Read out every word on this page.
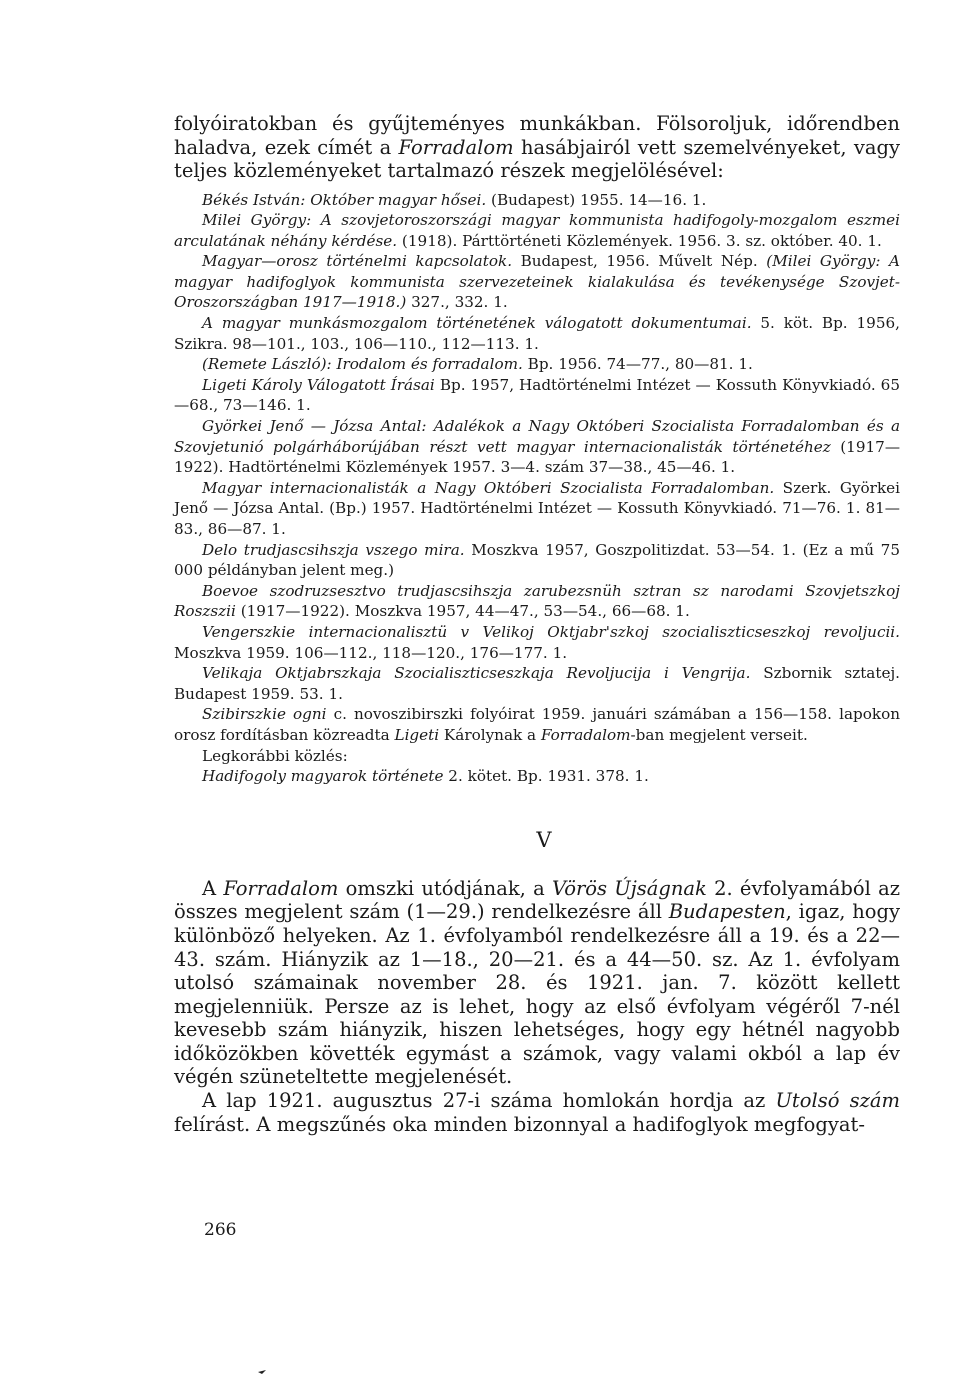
folyóiratokban és gyűjteményes munkákban. Fölsoroljuk, időrendben haladva, ezek címét a Forradalom hasábjairól vett szemelvényeket, vagy teljes közleményeket tartalmazó részek megjelölésével:

Békés István: Október magyar hősei. (Budapest) 1955. 14—16. 1.

Milei György: A szovjetoroszországi magyar kommunista hadifogoly-mozgalom eszmei arculatának néhány kérdése. (1918). Párttörténeti Közlemények. 1956. 3. sz. október. 40. 1.

Magyar—orosz történelmi kapcsolatok. Budapest, 1956. Művelt Nép. (Milei György: A magyar hadifoglyok kommunista szervezeteinek kialakulása és tevékenysége Szovjet-Oroszországban 1917—1918.) 327., 332. 1.

A magyar munkásmozgalom történetének válogatott dokumentumai. 5. köt. Bp. 1956, Szikra. 98—101., 103., 106—110., 112—113. 1.

(Remete László): Irodalom és forradalom. Bp. 1956. 74—77., 80—81. 1.

Ligeti Károly Válogatott Írásai Bp. 1957, Hadtörténelmi Intézet — Kossuth Könyvkiadó. 65—68., 73—146. 1.

Györkei Jenő — Józsa Antal: Adalékok a Nagy Októberi Szocialista Forradalomban és a Szovjetunió polgárháborújában részt vett magyar internacionalisták történetéhez (1917—1922). Hadtörténelmi Közlemények 1957. 3—4. szám 37—38., 45—46. 1.

Magyar internacionalisták a Nagy Októberi Szocialista Forradalomban. Szerk. Györkei Jenő — Józsa Antal. (Bp.) 1957. Hadtörténelmi Intézet — Kossuth Könyvkiadó. 71—76. 1. 81—83., 86—87. 1.

Delo trudjascsihszja vszego mira. Moszkva 1957, Goszpolitizdat. 53—54. 1. (Ez a mű 75 000 példányban jelent meg.)

Boevoe szodruzsesztvo trudjascsihszja zarubezsnüh sztran sz narodami Szovjetszkoj Roszszii (1917—1922). Moszkva 1957, 44—47., 53—54., 66—68. 1.

Vengerszkie internacionalisztü v Velikoj Oktjabr'szkoj szocialiszticseszkoj revoljucii. Moszkva 1959. 106—112., 118—120., 176—177. 1.

Velikaja Oktjabrszkaja Szocialiszticseszkaja Revoljucija i Vengrija. Szbornik sztatej. Budapest 1959. 53. 1.

Szibirszkie ogni c. novoszibirszki folyóirat 1959. januári számában a 156—158. lapokon orosz fordításban közreadta Ligeti Károlynak a Forradalom-ban megjelent verseit.

Legkorábbi közlés:

Hadifogoly magyarok története 2. kötet. Bp. 1931. 378. 1.

V

A Forradalom omszki utódjának, a Vörös Újságnak 2. évfolyamából az összes megjelent szám (1—29.) rendelkezésre áll Budapesten, igaz, hogy különböző helyeken. Az 1. évfolyamból rendelkezésre áll a 19. és a 22—43. szám. Hiányzik az 1—18., 20—21. és a 44—50. sz. Az 1. évfolyam utolsó számainak november 28. és 1921. jan. 7. között kellett megjelenniük. Persze az is lehet, hogy az első évfolyam végéről 7-nél kevesebb szám hiányzik, hiszen lehetséges, hogy egy hétnél nagyobb időközökben követték egymást a számok, vagy valami okból a lap év végén szüneteltette megjelenését.

A lap 1921. augusztus 27-i száma homlokán hordja az Utolsó szám felírást. A megszűnés oka minden bizonnyal a hadifoglyok megfogyat-

266
